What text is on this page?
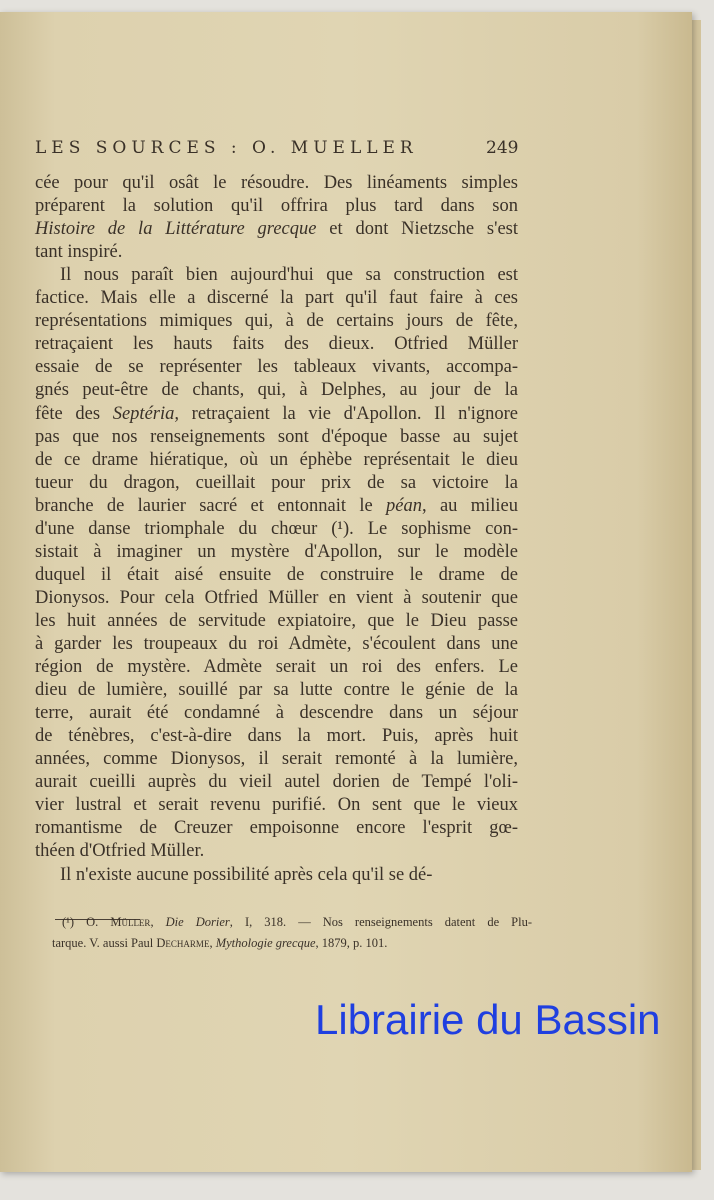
LES SOURCES : O. MUELLER	249
cée pour qu'il osât le résoudre. Des linéaments simples
préparent la solution qu'il offrira plus tard dans son
Histoire de la Littérature grecque et dont Nietzsche s'est
tant inspiré.
Il nous paraît bien aujourd'hui que sa construction est
factice. Mais elle a discerné la part qu'il faut faire à ces
représentations mimiques qui, à de certains jours de fête,
retraçaient les hauts faits des dieux. Otfried Müller
essaie de se représenter les tableaux vivants, accompa-
gnés peut-être de chants, qui, à Delphes, au jour de la
fête des Septéria, retraçaient la vie d'Apollon. Il n'ignore
pas que nos renseignements sont d'époque basse au sujet
de ce drame hiératique, où un éphèbe représentait le dieu
tueur du dragon, cueillait pour prix de sa victoire la
branche de laurier sacré et entonnait le péan, au milieu
d'une danse triomphale du chœur (¹). Le sophisme con-
sistait à imaginer un mystère d'Apollon, sur le modèle
duquel il était aisé ensuite de construire le drame de
Dionysos. Pour cela Otfried Müller en vient à soutenir que
les huit années de servitude expiatoire, que le Dieu passe
à garder les troupeaux du roi Admète, s'écoulent dans une
région de mystère. Admète serait un roi des enfers. Le
dieu de lumière, souillé par sa lutte contre le génie de la
terre, aurait été condamné à descendre dans un séjour
de ténèbres, c'est-à-dire dans la mort. Puis, après huit
années, comme Dionysos, il serait remonté à la lumière,
aurait cueilli auprès du vieil autel dorien de Tempé l'oli-
vier lustral et serait revenu purifié. On sent que le vieux
romantisme de Creuzer empoisonne encore l'esprit gœ-
théen d'Otfried Müller.
Il n'existe aucune possibilité après cela qu'il se dé-
(¹) O. Müller, Die Dorier, I, 318. — Nos renseignements datent de Plu-
tarque. V. aussi Paul Decharme, Mythologie grecque, 1879, p. 101.
Librairie du Bassin
